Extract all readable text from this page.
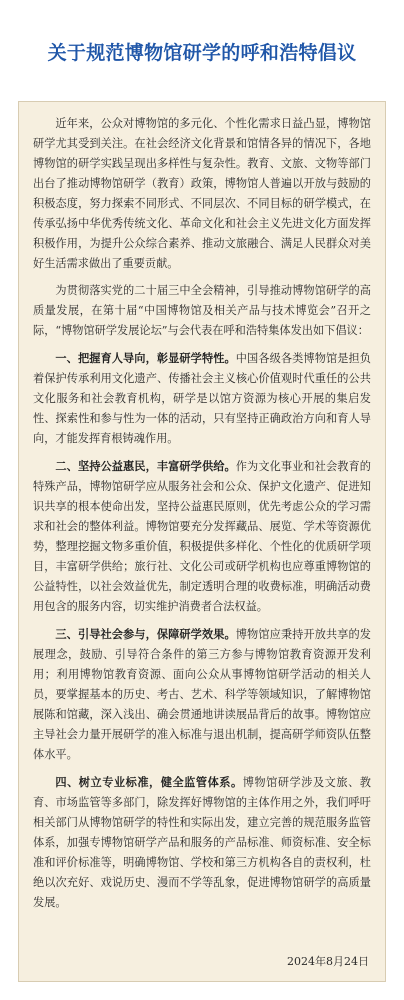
关于规范博物馆研学的呼和浩特倡议

近年来，公众对博物馆的多元化、个性化需求日益凸显，博物馆研学尤其受到关注。在社会经济文化背景和馆情各异的情况下，各地博物馆的研学实践呈现出多样性与复杂性。教育、文旅、文物等部门出台了推动博物馆研学（教育）政策，博物馆人普遍以开放与鼓励的积极态度，努力探索不同形式、不同层次、不同目标的研学模式，在传承弘扬中华优秀传统文化、革命文化和社会主义先进文化方面发挥积极作用，为提升公众综合素养、推动文旅融合、满足人民群众对美好生活需求做出了重要贡献。

为贯彻落实党的二十届三中全会精神，引导推动博物馆研学的高质量发展，在第十届“中国博物馆及相关产品与技术博览会”召开之际，“博物馆研学发展论坛”与会代表在呼和浩特集体发出如下倡议：

一、把握育人导向，彰显研学特性。中国各级各类博物馆是担负着保护传承利用文化遗产、传播社会主义核心价值观时代重任的公共文化服务和社会教育机构，研学是以馆方资源为核心开展的集启发性、探索性和参与性为一体的活动，只有坚持正确政治方向和育人导向，才能发挥育根铸魂作用。

二、坚持公益惠民，丰富研学供给。作为文化事业和社会教育的特殊产品，博物馆研学应从服务社会和公众、保护文化遗产、促进知识共享的根本使命出发，坚持公益惠民原则，优先考虑公众的学习需求和社会的整体利益。博物馆要充分发挥藏品、展览、学术等资源优势，整理挖掘文物多重价值，积极提供多样化、个性化的优质研学项目，丰富研学供给；旅行社、文化公司或研学机构也应尊重博物馆的公益特性，以社会效益优先，制定透明合理的收费标准，明确活动费用包含的服务内容，切实维护消费者合法权益。

三、引导社会参与，保障研学效果。博物馆应秉持开放共享的发展理念，鼓励、引导符合条件的第三方参与博物馆教育资源开发利用；利用博物馆教育资源、面向公众从事博物馆研学活动的相关人员，要掌握基本的历史、考古、艺术、科学等领域知识，了解博物馆展陈和馆藏，深入浅出、确会贯通地讲读展品背后的故事。博物馆应主导社会力量开展研学的准入标准与退出机制，提高研学师资队伍整体水平。

四、树立专业标准，健全监管体系。博物馆研学涉及文旅、教育、市场监管等多部门，除发挥好博物馆的主体作用之外，我们呼吁相关部门从博物馆研学的特性和实际出发，建立完善的规范服务监管体系，加强专博物馆研学产品和服务的产品标准、师资标准、安全标准和评价标准等，明确博物馆、学校和第三方机构各自的责权利，杜绝以次充好、戏说历史、漫而不学等乱象，促进博物馆研学的高质量发展。

2024年8月24日
